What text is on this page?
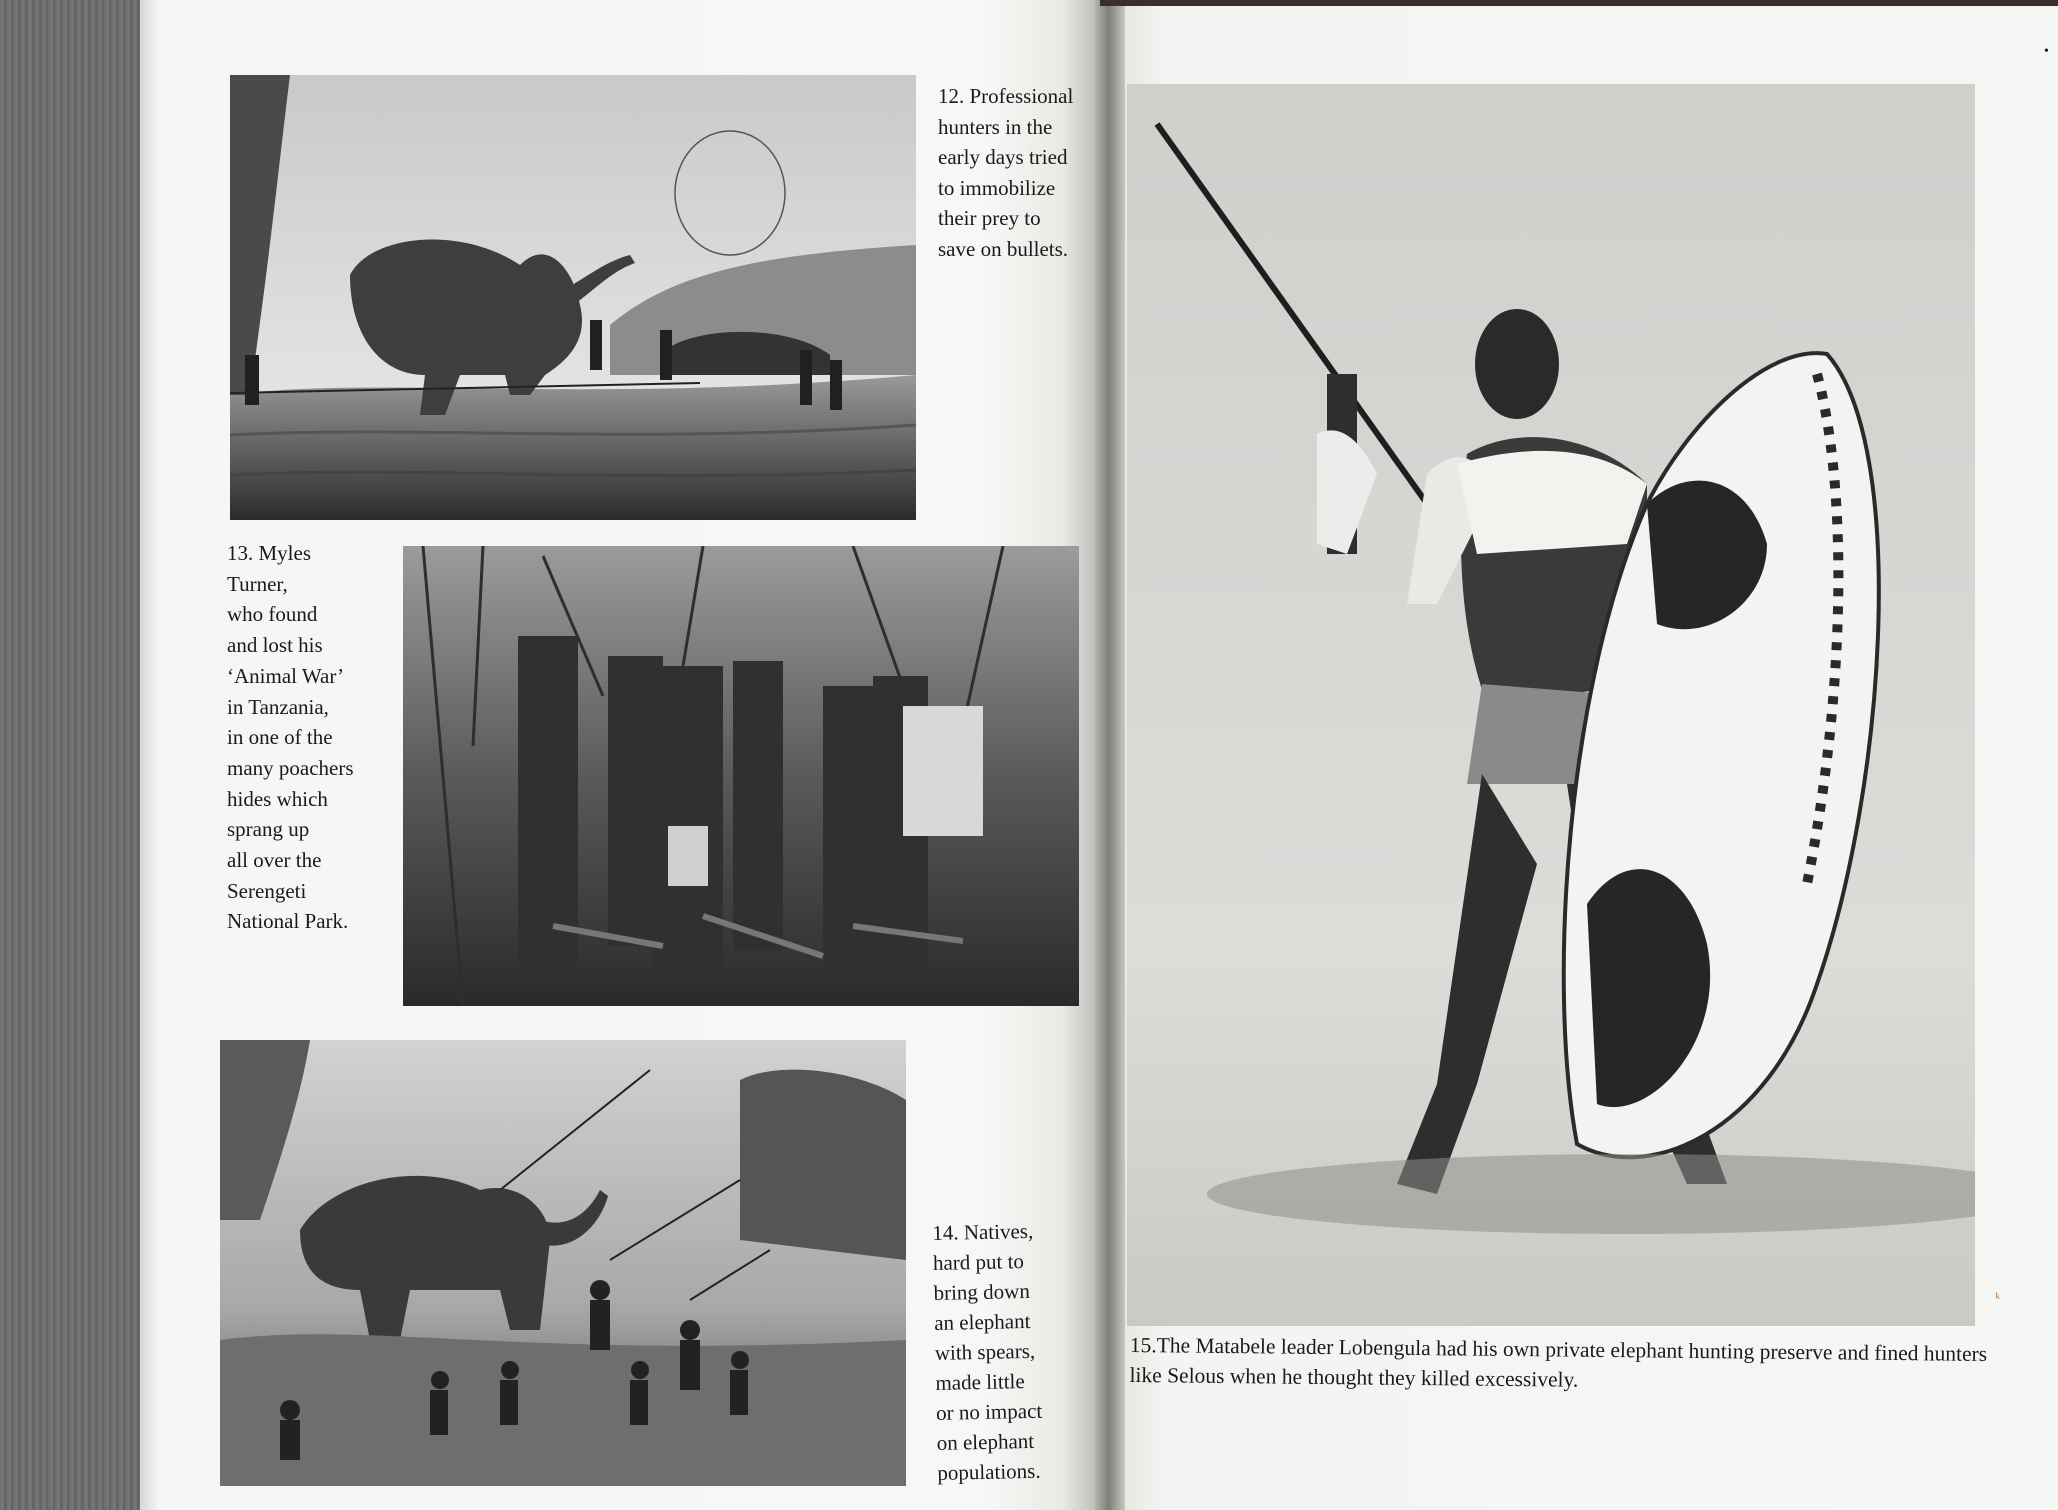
12. Professional
hunters in the
early days tried
to immobilize
their prey to
save on bullets.
13. Myles
Turner,
who found
and lost his
‘Animal War’
in Tanzania,
in one of the
many poachers
hides which
sprang up
all over the
Serengeti
National Park.
14. Natives,
hard put to
bring down
an elephant
with spears,
made little
or no impact
on elephant
populations.
15.The Matabele leader Lobengula had his own private elephant hunting preserve and fined hunters like Selous when he thought they killed excessively.
•
ᵏ
